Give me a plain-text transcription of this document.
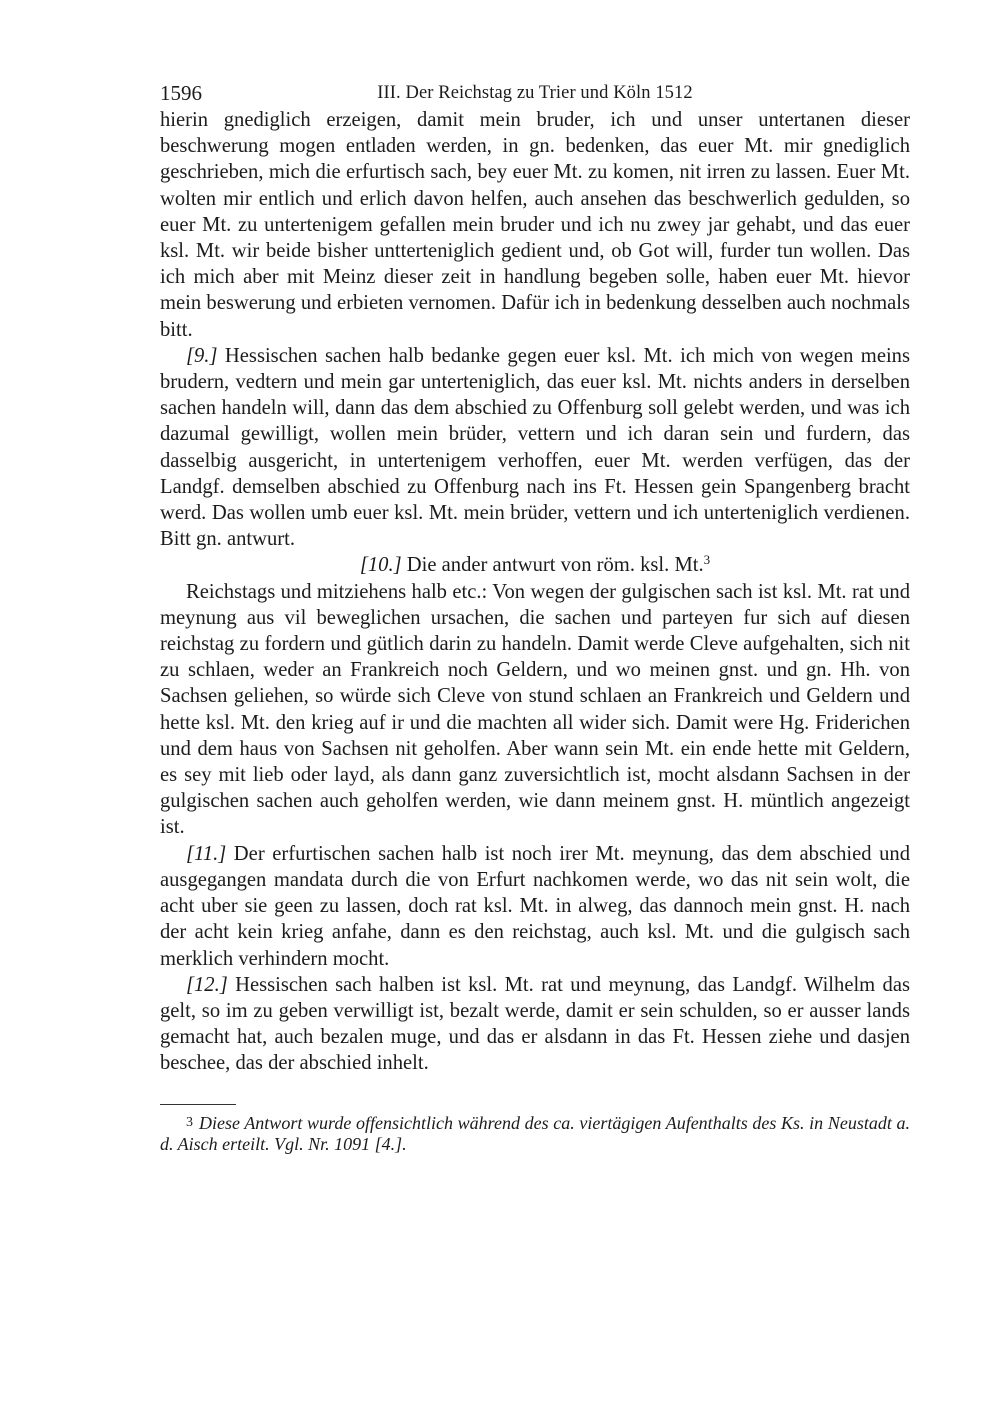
1596	III. Der Reichstag zu Trier und Köln 1512

hierin gnediglich erzeigen, damit mein bruder, ich und unser untertanen dieser beschwerung mogen entladen werden, in gn. bedenken, das euer Mt. mir gnediglich geschrieben, mich die erfurtisch sach, bey euer Mt. zu komen, nit irren zu lassen. Euer Mt. wolten mir entlich und erlich davon helfen, auch ansehen das beschwerlich gedulden, so euer Mt. zu untertenigem gefallen mein bruder und ich nu zwey jar gehabt, und das euer ksl. Mt. wir beide bisher untterteniglich gedient und, ob Got will, furder tun wollen. Das ich mich aber mit Meinz dieser zeit in handlung begeben solle, haben euer Mt. hievor mein beswerung und erbieten vernomen. Dafür ich in bedenkung desselben auch nochmals bitt.

[9.] Hessischen sachen halb bedanke gegen euer ksl. Mt. ich mich von wegen meins brudern, vedtern und mein gar unterteniglich, das euer ksl. Mt. nichts anders in derselben sachen handeln will, dann das dem abschied zu Offenburg soll gelebt werden, und was ich dazumal gewilligt, wollen mein brüder, vettern und ich daran sein und furdern, das dasselbig ausgericht, in untertenigem verhoffen, euer Mt. werden verfügen, das der Landgf. demselben abschied zu Offenburg nach ins Ft. Hessen gein Spangenberg bracht werd. Das wollen umb euer ksl. Mt. mein brüder, vettern und ich unterteniglich verdienen. Bitt gn. antwurt.

[10.] Die ander antwurt von röm. ksl. Mt.$^3$

Reichstags und mitziehens halb etc.: Von wegen der gulgischen sach ist ksl. Mt. rat und meynung aus vil beweglichen ursachen, die sachen und parteyen fur sich auf diesen reichstag zu fordern und gütlich darin zu handeln. Damit werde Cleve aufgehalten, sich nit zu schlaen, weder an Frankreich noch Geldern, und wo meinen gnst. und gn. Hh. von Sachsen geliehen, so würde sich Cleve von stund schlaen an Frankreich und Geldern und hette ksl. Mt. den krieg auf ir und die machten all wider sich. Damit were Hg. Friderichen und dem haus von Sachsen nit geholfen. Aber wann sein Mt. ein ende hette mit Geldern, es sey mit lieb oder layd, als dann ganz zuversichtlich ist, mocht alsdann Sachsen in der gulgischen sachen auch geholfen werden, wie dann meinem gnst. H. müntlich angezeigt ist.

[11.] Der erfurtischen sachen halb ist noch irer Mt. meynung, das dem abschied und ausgegangen mandata durch die von Erfurt nachkomen werde, wo das nit sein wolt, die acht uber sie geen zu lassen, doch rat ksl. Mt. in alweg, das dannoch mein gnst. H. nach der acht kein krieg anfahe, dann es den reichstag, auch ksl. Mt. und die gulgisch sach merklich verhindern mocht.

[12.] Hessischen sach halben ist ksl. Mt. rat und meynung, das Landgf. Wilhelm das gelt, so im zu geben verwilligt ist, bezalt werde, damit er sein schulden, so er ausser lands gemacht hat, auch bezalen muge, und das er alsdann in das Ft. Hessen ziehe und dasjen beschee, das der abschied inhelt.

3 Diese Antwort wurde offensichtlich während des ca. viertägigen Aufenthalts des Ks. in Neustadt a. d. Aisch erteilt. Vgl. Nr. 1091 [4.].
